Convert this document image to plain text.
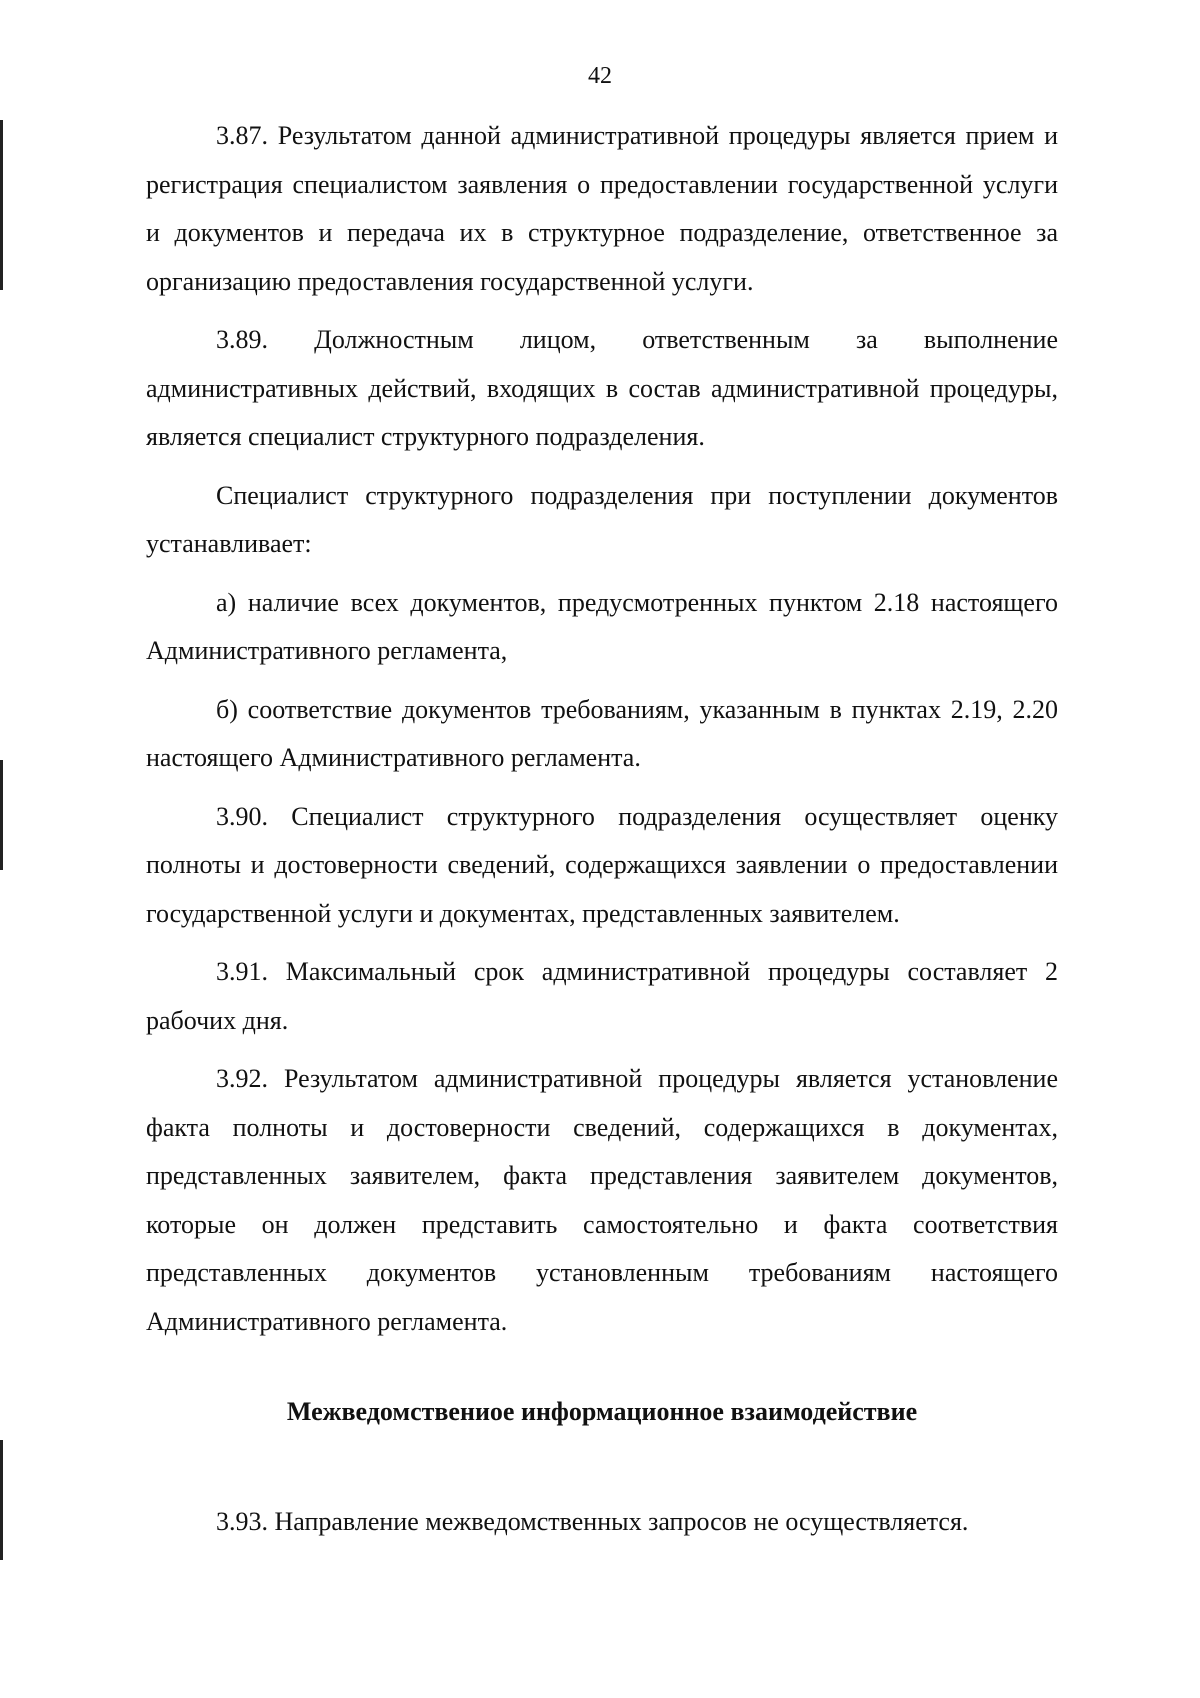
42

3.87. Результатом данной административной процедуры является прием и регистрация специалистом заявления о предоставлении государственной услуги и документов и передача их в структурное подразделение, ответственное за организацию предоставления государственной услуги.

3.89. Должностным лицом, ответственным за выполнение административных действий, входящих в состав административной процедуры, является специалист структурного подразделения.

Специалист структурного подразделения при поступлении документов устанавливает:

а) наличие всех документов, предусмотренных пунктом 2.18 настоящего Административного регламента,

б) соответствие документов требованиям, указанным в пунктах 2.19, 2.20 настоящего Административного регламента.

3.90. Специалист структурного подразделения осуществляет оценку полноты и достоверности сведений, содержащихся заявлении о предоставлении государственной услуги и документах, представленных заявителем.

3.91. Максимальный срок административной процедуры составляет 2 рабочих дня.

3.92. Результатом административной процедуры является установление факта полноты и достоверности сведений, содержащихся в документах, представленных заявителем, факта представления заявителем документов, которые он должен представить самостоятельно и факта соответствия представленных документов установленным требованиям настоящего Административного регламента.

Межведомствениое информационное взаимодействие

3.93. Направление межведомственных запросов не осуществляется.
